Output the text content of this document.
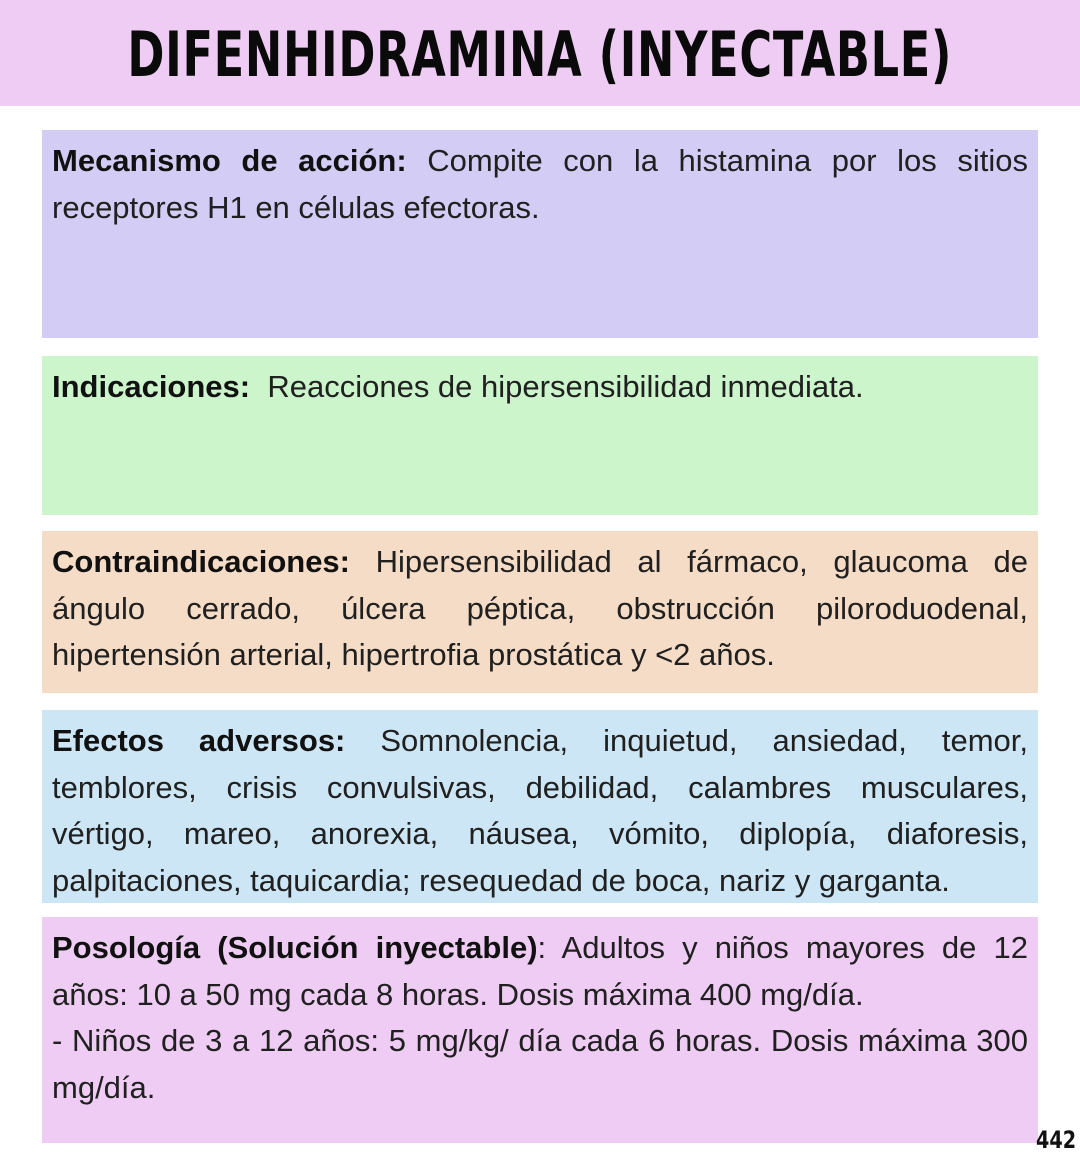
DIFENHIDRAMINA (INYECTABLE)
Mecanismo de acción: Compite con la histamina por los sitios receptores H1 en células efectoras.
Indicaciones:  Reacciones de hipersensibilidad inmediata.
Contraindicaciones: Hipersensibilidad al fármaco, glaucoma de ángulo cerrado, úlcera péptica, obstrucción piloroduodenal, hipertensión arterial, hipertrofia prostática y <2 años.
Efectos adversos: Somnolencia, inquietud, ansiedad, temor, temblores, crisis convulsivas, debilidad, calambres musculares, vértigo, mareo, anorexia, náusea, vómito, diplopía, diaforesis, palpitaciones, taquicardia; resequedad de boca, nariz y garganta.
Posología (Solución inyectable): Adultos y niños mayores de 12 años: 10 a 50 mg cada 8 horas. Dosis máxima 400 mg/día.
- Niños de 3 a 12 años: 5 mg/kg/ día cada 6 horas. Dosis máxima 300 mg/día.
442
